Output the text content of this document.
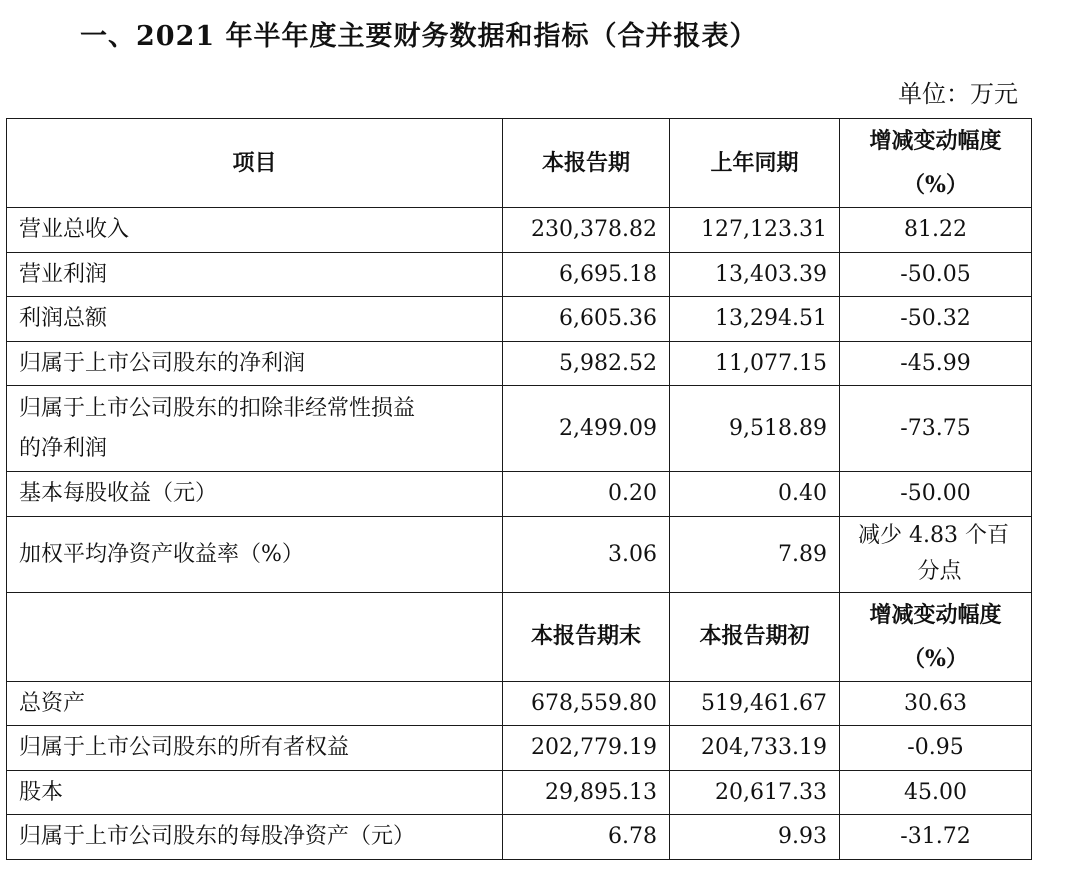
一、2021 年半年度主要财务数据和指标（合并报表）
单位：万元
项目	本报告期	上年同期	增减变动幅度
（%）

营业总收入	230,378.82	127,123.31	81.22
营业利润	6,695.18	13,403.39	-50.05
利润总额	6,605.36	13,294.51	-50.32
归属于上市公司股东的净利润	5,982.52	11,077.15	-45.99

归属于上市公司股东的扣除非经常性损益
的净利润	2,499.09	9,518.89	-73.75
基本每股收益（元）	0.20	0.40	-50.00
加权平均净资产收益率（%）	3.06	7.89	减少 4.83 个百
分点

	本报告期末	本报告期初	增减变动幅度
（%）

总资产	678,559.80	519,461.67	30.63
归属于上市公司股东的所有者权益	202,779.19	204,733.19	-0.95
股本	29,895.13	20,617.33	45.00
归属于上市公司股东的每股净资产（元）	6.78	9.93	-31.72
